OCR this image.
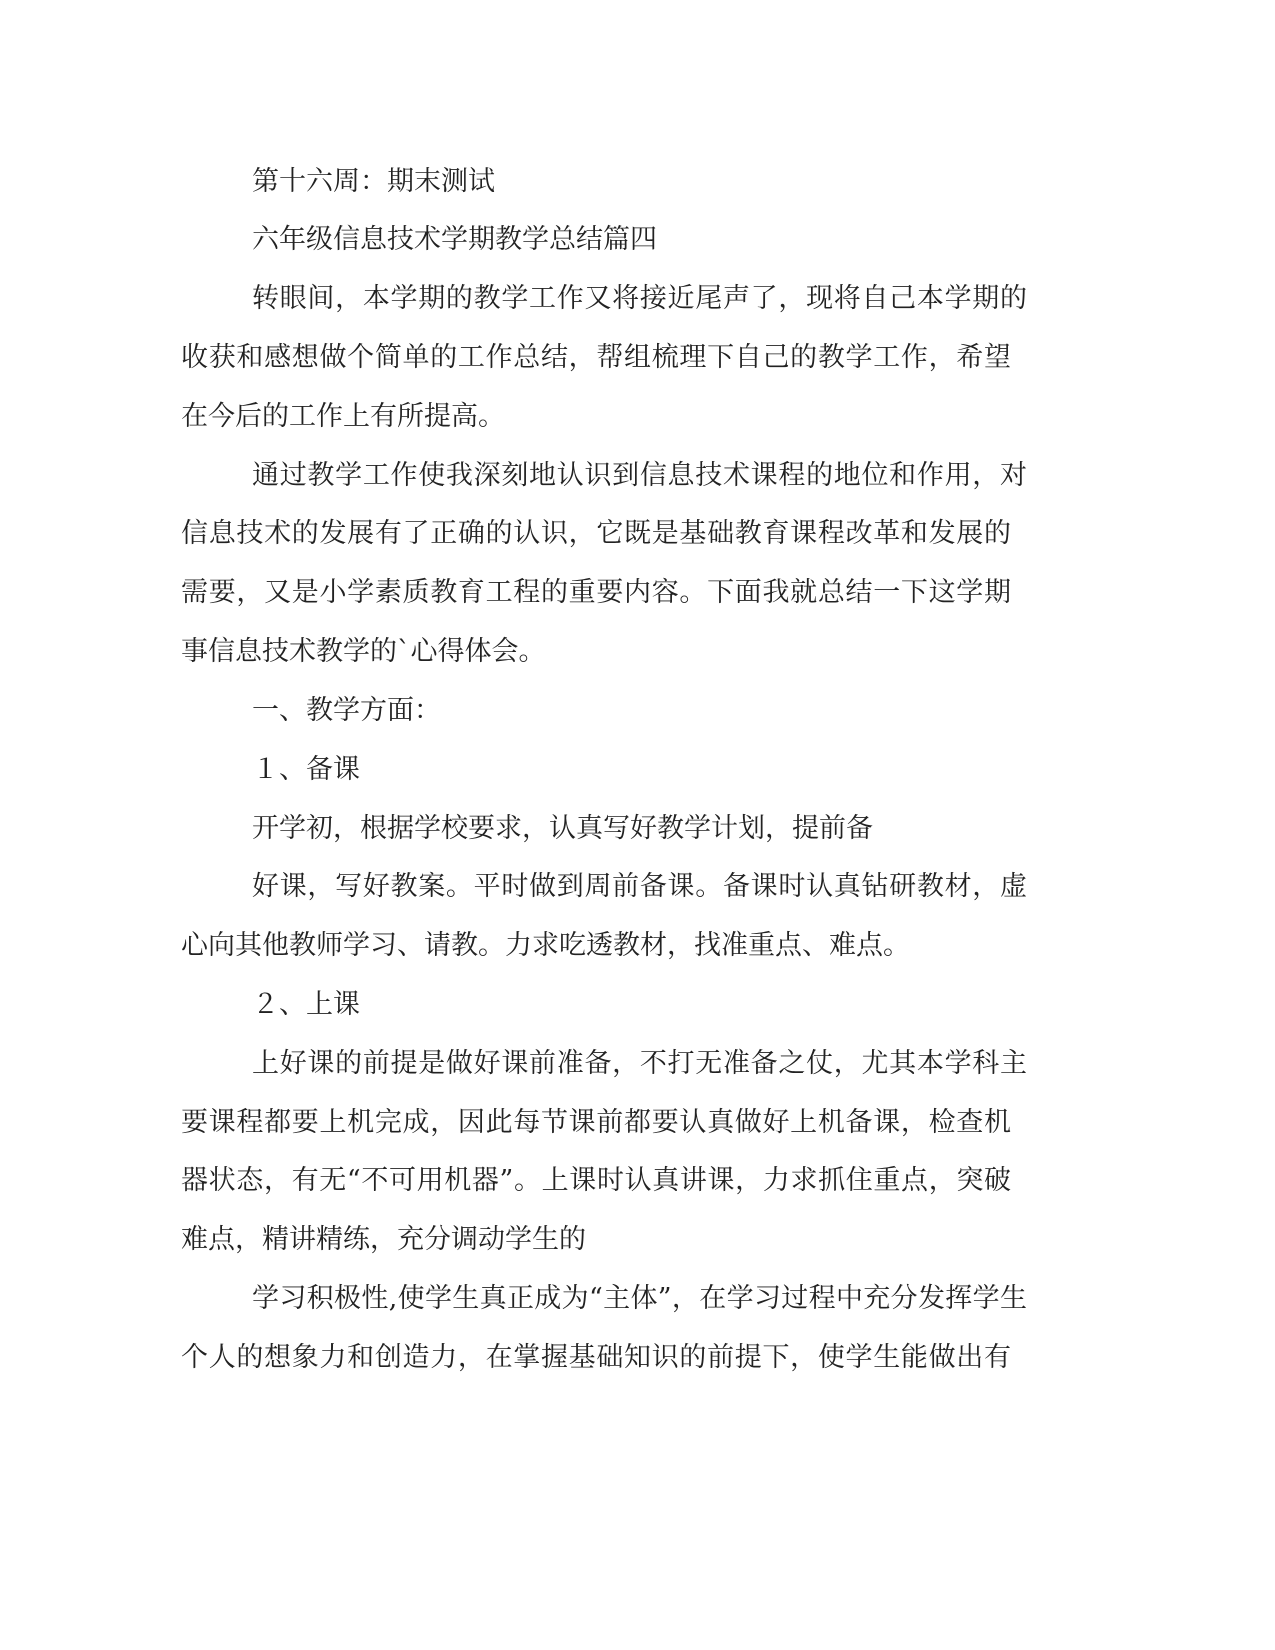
第十六周：期末测试
六年级信息技术学期教学总结篇四
转眼间，本学期的教学工作又将接近尾声了，现将自己本学期的
收获和感想做个简单的工作总结，帮组梳理下自己的教学工作，希望
在今后的工作上有所提高。
通过教学工作使我深刻地认识到信息技术课程的地位和作用，对
信息技术的发展有了正确的认识，它既是基础教育课程改革和发展的
需要，又是小学素质教育工程的重要内容。下面我就总结一下这学期
事信息技术教学的`心得体会。
一、教学方面：
１、备课
开学初，根据学校要求，认真写好教学计划，提前备
好课，写好教案。平时做到周前备课。备课时认真钻研教材，虚
心向其他教师学习、请教。力求吃透教材，找准重点、难点。
２、上课
上好课的前提是做好课前准备，不打无准备之仗，尤其本学科主
要课程都要上机完成，因此每节课前都要认真做好上机备课，检查机
器状态，有无“不可用机器”。上课时认真讲课，力求抓住重点，突破
难点，精讲精练，充分调动学生的
学习积极性,使学生真正成为“主体”，在学习过程中充分发挥学生
个人的想象力和创造力，在掌握基础知识的前提下，使学生能做出有
